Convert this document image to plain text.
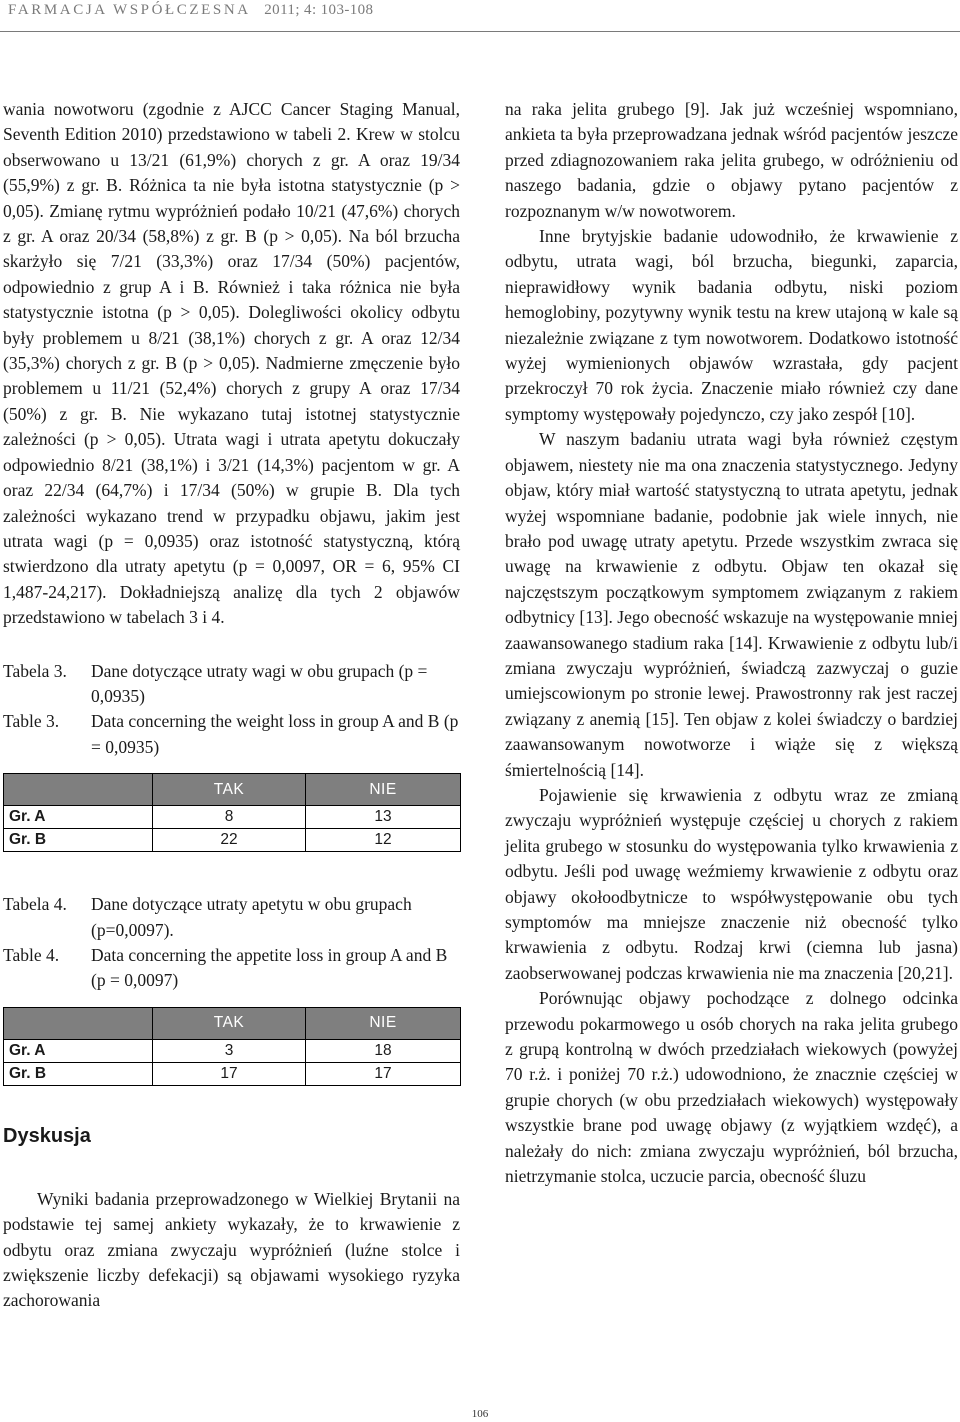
FARMACJA WSPÓŁCZESNA 2011; 4: 103-108

wania nowotworu (zgodnie z AJCC Cancer Staging Manual, Seventh Edition 2010) przedstawiono w tabeli 2. Krew w stolcu obserwowano u 13/21 (61,9%) chorych z gr. A oraz 19/34 (55,9%) z gr. B. Różnica ta nie była istotna statystycznie (p > 0,05). Zmianę rytmu wypróżnień podało 10/21 (47,6%) chorych z gr. A oraz 20/34 (58,8%) z gr. B (p > 0,05). Na ból brzucha skarżyło się 7/21 (33,3%) oraz 17/34 (50%) pacjentów, odpowiednio z grup A i B. Również i taka różnica nie była statystycznie istotna (p > 0,05). Dolegliwości okolicy odbytu były problemem u 8/21 (38,1%) chorych z gr. A oraz 12/34 (35,3%) chorych z gr. B (p > 0,05). Nadmierne zmęczenie było problemem u 11/21 (52,4%) chorych z grupy A oraz 17/34 (50%) z gr. B. Nie wykazano tutaj istotnej statystycznie zależności (p > 0,05). Utrata wagi i utrata apetytu dokuczały odpowiednio 8/21 (38,1%) i 3/21 (14,3%) pacjentom w gr. A oraz 22/34 (64,7%) i 17/34 (50%) w grupie B. Dla tych zależności wykazano trend w przypadku objawu, jakim jest utrata wagi (p = 0,0935) oraz istotność statystyczną, którą stwierdzono dla utraty apetytu (p = 0,0097, OR = 6, 95% CI 1,487-24,217). Dokładniejszą analizę dla tych 2 objawów przedstawiono w tabelach 3 i 4.

Tabela 3.	Dane dotyczące utraty wagi w obu grupach (p = 0,0935)
Table 3.	Data concerning the weight loss in group A and B (p = 0,0935)
	TAK	NIE
Gr. A	8	13
Gr. B	22	12
Tabela 4.	Dane dotyczące utraty apetytu w obu grupach (p=0,0097).
Table 4.	Data concerning the appetite loss in group A and B (p = 0,0097)
	TAK	NIE
Gr. A	3	18
Gr. B	17	17
Dyskusja

Wyniki badania przeprowadzonego w Wielkiej Brytanii na podstawie tej samej ankiety wykazały, że to krwawienie z odbytu oraz zmiana zwyczaju wypróżnień (luźne stolce i zwiększenie liczby defekacji) są objawami wysokiego ryzyka zachorowania

na raka jelita grubego [9]. Jak już wcześniej wspomniano, ankieta ta była przeprowadzana jednak wśród pacjentów jeszcze przed zdiagnozowaniem raka jelita grubego, w odróżnieniu od naszego badania, gdzie o objawy pytano pacjentów z rozpoznanym w/w nowotworem.

Inne brytyjskie badanie udowodniło, że krwawienie z odbytu, utrata wagi, ból brzucha, biegunki, zaparcia, nieprawidłowy wynik badania odbytu, niski poziom hemoglobiny, pozytywny wynik testu na krew utajoną w kale są niezależnie związane z tym nowotworem. Dodatkowo istotność wyżej wymienionych objawów wzrastała, gdy pacjent przekroczył 70 rok życia. Znaczenie miało również czy dane symptomy występowały pojedynczo, czy jako zespół [10].

W naszym badaniu utrata wagi była również częstym objawem, niestety nie ma ona znaczenia statystycznego. Jedyny objaw, który miał wartość statystyczną to utrata apetytu, jednak wyżej wspomniane badanie, podobnie jak wiele innych, nie brało pod uwagę utraty apetytu. Przede wszystkim zwraca się uwagę na krwawienie z odbytu. Objaw ten okazał się najczęstszym początkowym symptomem związanym z rakiem odbytnicy [13]. Jego obecność wskazuje na występowanie mniej zaawansowanego stadium raka [14]. Krwawienie z odbytu lub/i zmiana zwyczaju wypróżnień, świadczą zazwyczaj o guzie umiejscowionym po stronie lewej. Prawostronny rak jest raczej związany z anemią [15]. Ten objaw z kolei świadczy o bardziej zaawansowanym nowotworze i wiąże się z większą śmiertelnością [14].

Pojawienie się krwawienia z odbytu wraz ze zmianą zwyczaju wypróżnień występuje częściej u chorych z rakiem jelita grubego w stosunku do występowania tylko krwawienia z odbytu. Jeśli pod uwagę weźmiemy krwawienie z odbytu oraz objawy okołoodbytnicze to współwystępowanie obu tych symptomów ma mniejsze znaczenie niż obecność tylko krwawienia z odbytu. Rodzaj krwi (ciemna lub jasna) zaobserwowanej podczas krwawienia nie ma znaczenia [20,21].

Porównując objawy pochodzące z dolnego odcinka przewodu pokarmowego u osób chorych na raka jelita grubego z grupą kontrolną w dwóch przedziałach wiekowych (powyżej 70 r.ż. i poniżej 70 r.ż.) udowodniono, że znacznie częściej w grupie chorych (w obu przedziałach wiekowych) występowały wszystkie brane pod uwagę objawy (z wyjątkiem wzdęć), a należały do nich: zmiana zwyczaju wypróżnień, ból brzucha, nietrzymanie stolca, uczucie parcia, obecność śluzu

106
